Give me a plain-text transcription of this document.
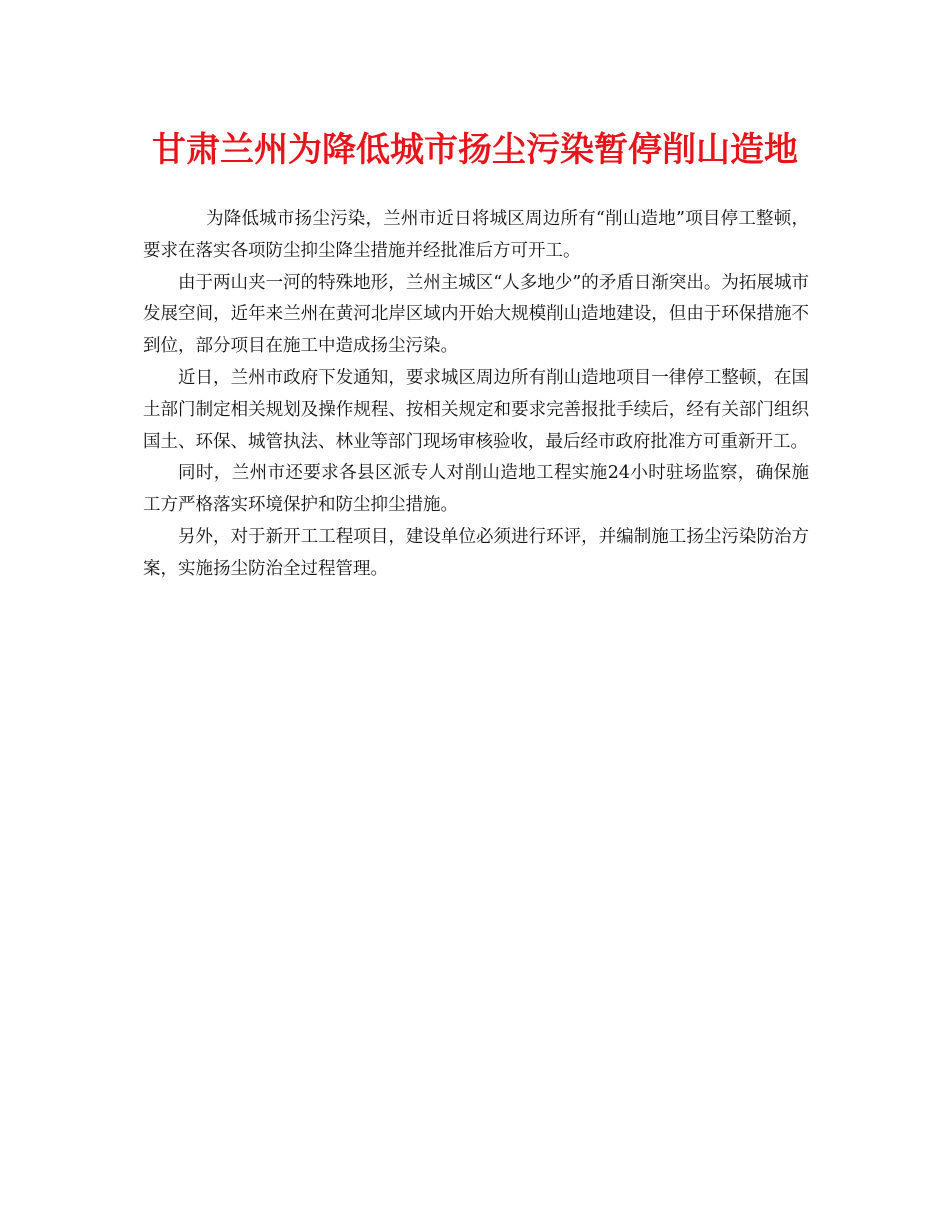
甘肃兰州为降低城市扬尘污染暂停削山造地

为降低城市扬尘污染，兰州市近日将城区周边所有“削山造地”项目停工整顿，要求在落实各项防尘抑尘降尘措施并经批准后方可开工。

由于两山夹一河的特殊地形，兰州主城区“人多地少”的矛盾日渐突出。为拓展城市发展空间，近年来兰州在黄河北岸区域内开始大规模削山造地建设，但由于环保措施不到位，部分项目在施工中造成扬尘污染。

近日，兰州市政府下发通知，要求城区周边所有削山造地项目一律停工整顿，在国土部门制定相关规划及操作规程、按相关规定和要求完善报批手续后，经有关部门组织国土、环保、城管执法、林业等部门现场审核验收，最后经市政府批准方可重新开工。

同时，兰州市还要求各县区派专人对削山造地工程实施24小时驻场监察，确保施工方严格落实环境保护和防尘抑尘措施。

另外，对于新开工工程项目，建设单位必须进行环评，并编制施工扬尘污染防治方案，实施扬尘防治全过程管理。
